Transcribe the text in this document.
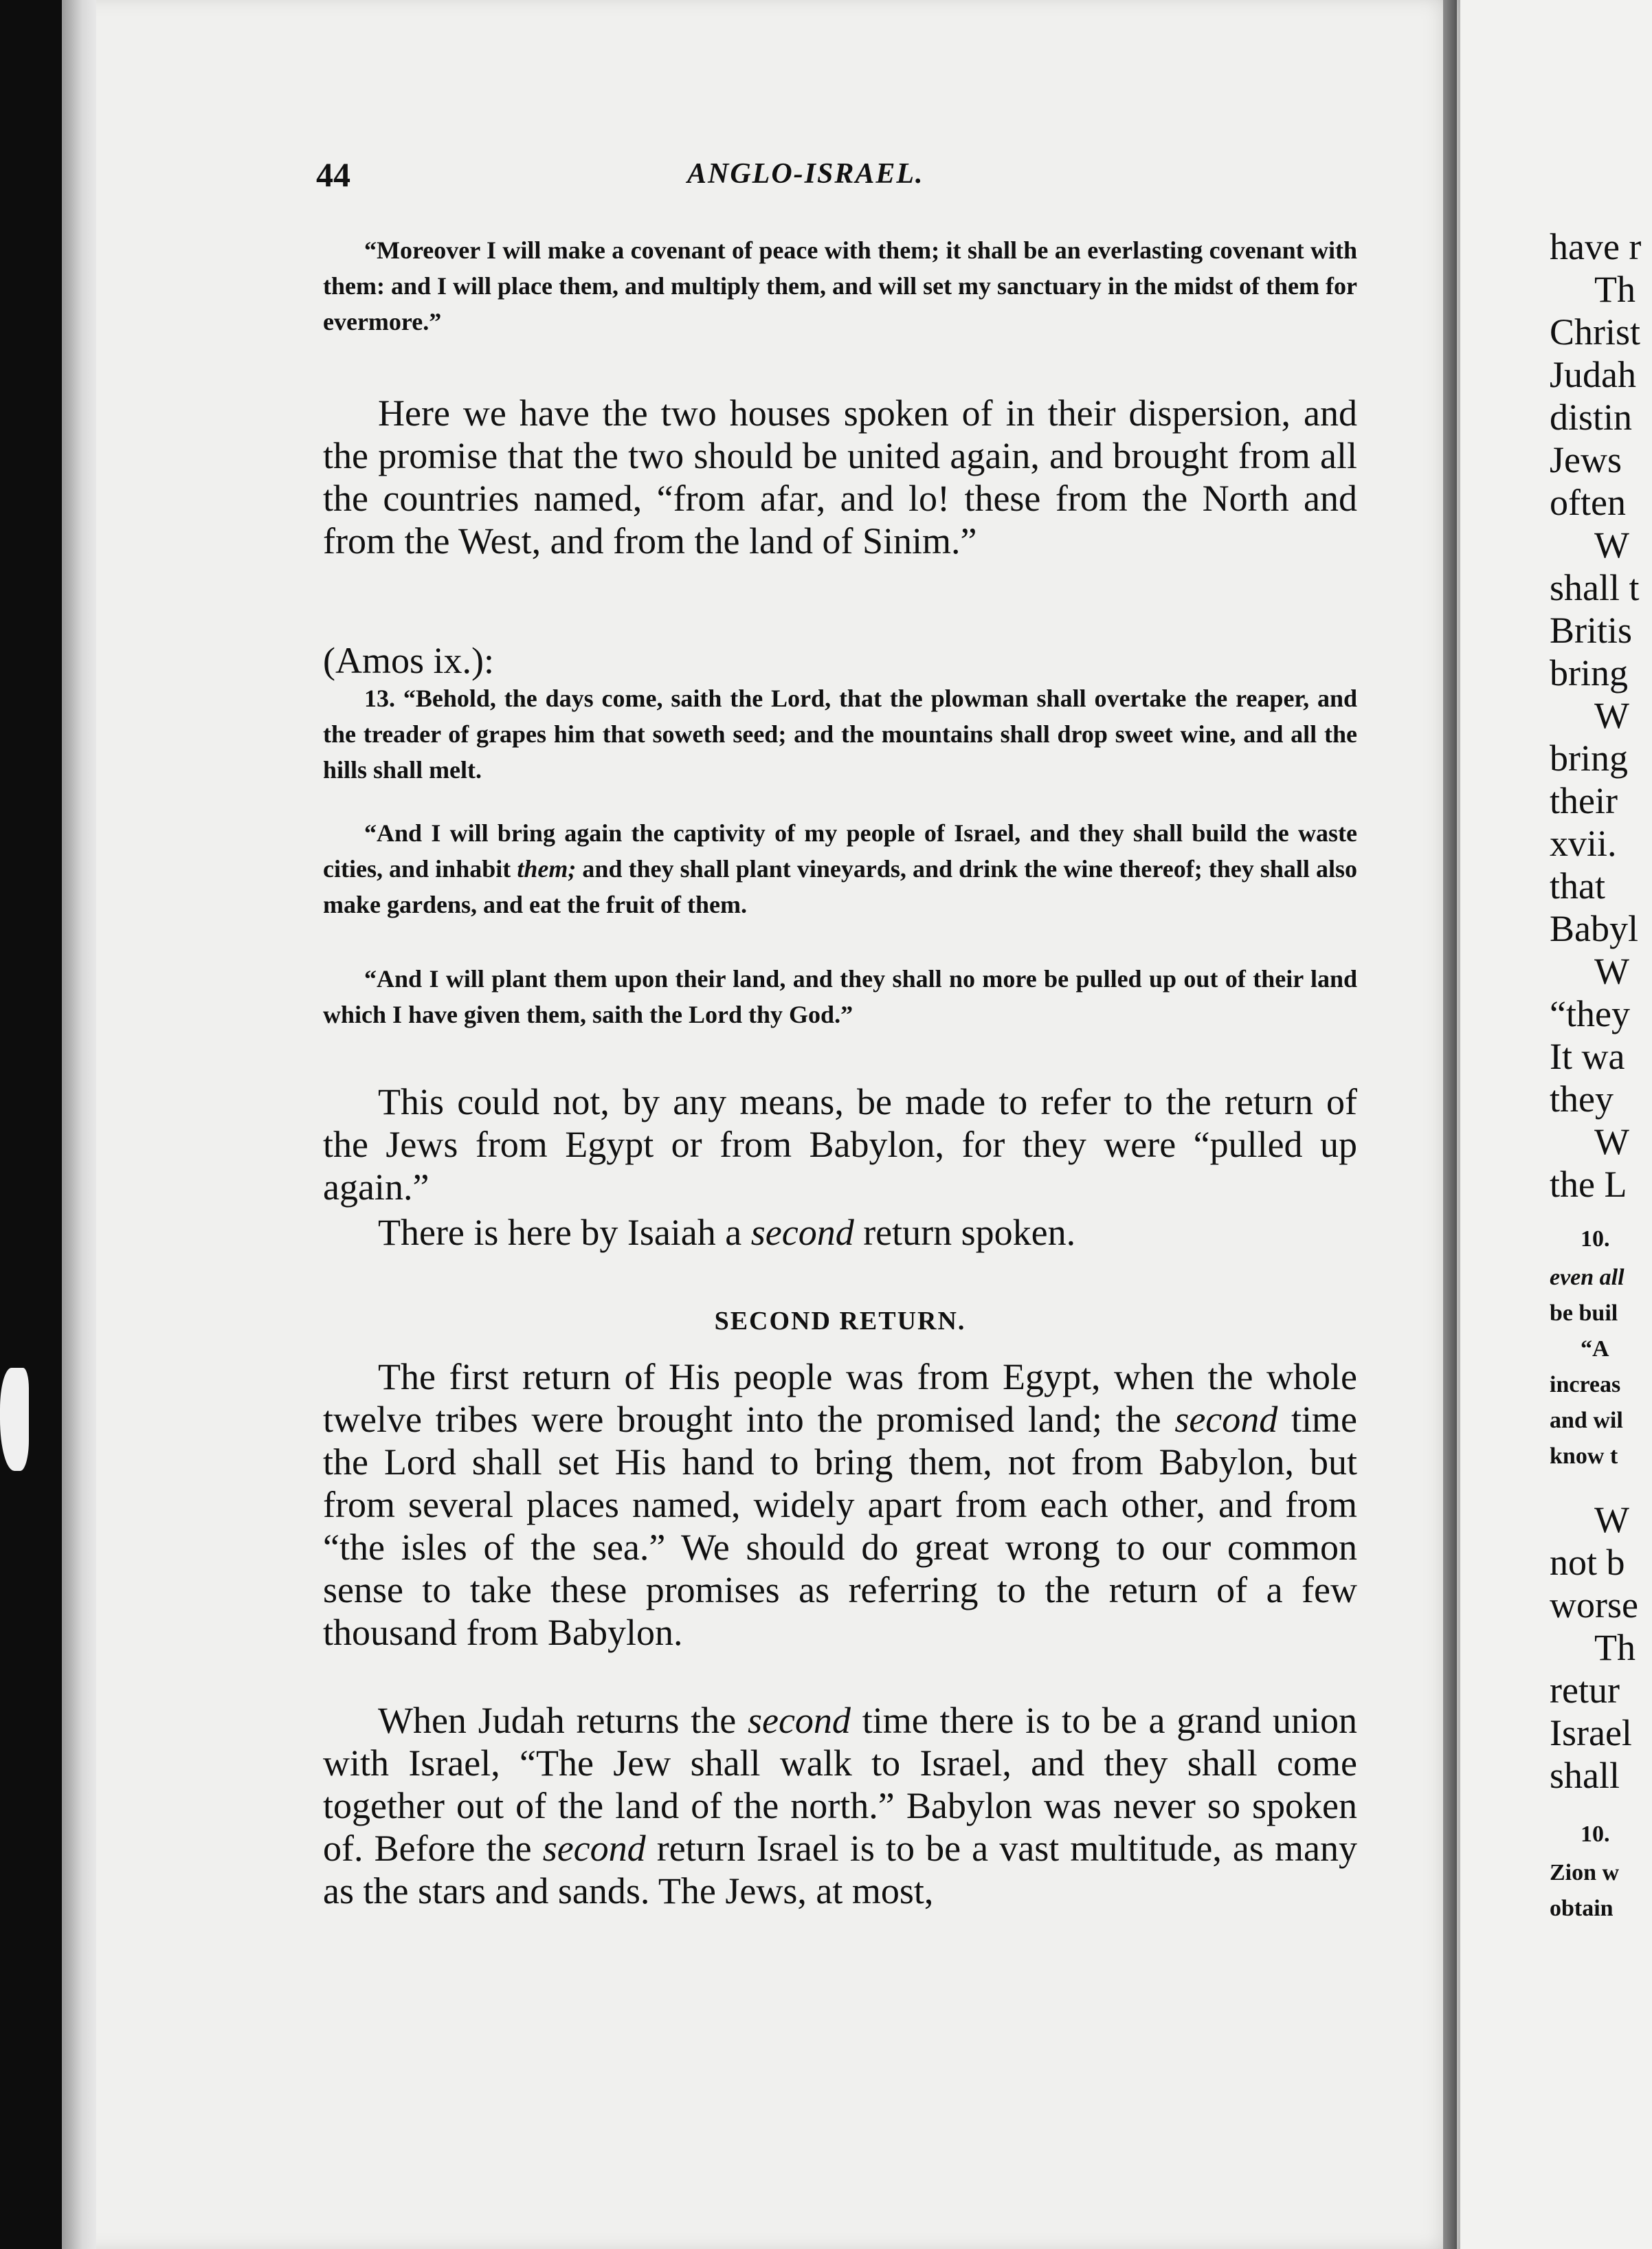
44	ANGLO-ISRAEL.

“Moreover I will make a covenant of peace with them; it shall be an everlasting covenant with them: and I will place them, and multiply them, and will set my sanctuary in the midst of them for evermore.”

Here we have the two houses spoken of in their dispersion, and the promise that the two should be united again, and brought from all the countries named, “from afar, and lo! these from the North and from the West, and from the land of Sinim.”

(Amos ix.):

13. “Behold, the days come, saith the Lord, that the plowman shall overtake the reaper, and the treader of grapes him that soweth seed; and the mountains shall drop sweet wine, and all the hills shall melt.

“And I will bring again the captivity of my people of Israel, and they shall build the waste cities, and inhabit them; and they shall plant vineyards, and drink the wine thereof; they shall also make gardens, and eat the fruit of them.

“And I will plant them upon their land, and they shall no more be pulled up out of their land which I have given them, saith the Lord thy God.”

This could not, by any means, be made to refer to the return of the Jews from Egypt or from Babylon, for they were “pulled up again.”

There is here by Isaiah a second return spoken.

SECOND RETURN.

The first return of His people was from Egypt, when the whole twelve tribes were brought into the promised land; the second time the Lord shall set His hand to bring them, not from Babylon, but from several places named, widely apart from each other, and from “the isles of the sea.” We should do great wrong to our common sense to take these promises as referring to the return of a few thousand from Babylon.

When Judah returns the second time there is to be a grand union with Israel, “The Jew shall walk to Israel, and they shall come together out of the land of the north.” Babylon was never so spoken of. Before the second return Israel is to be a vast multitude, as many as the stars and sands. The Jews, at most,

have r

Th

Christ

Judah

distin

Jews

often

W

shall t

Britis

bring

W

bring

their

xvii.

that

Babyl

W

“they

It wa

they

W

the L

10.

even all

be buil

“A

increas

and wil

know t

W

not b

worse

Th

retur

Israel

shall

10.

Zion w

obtain
